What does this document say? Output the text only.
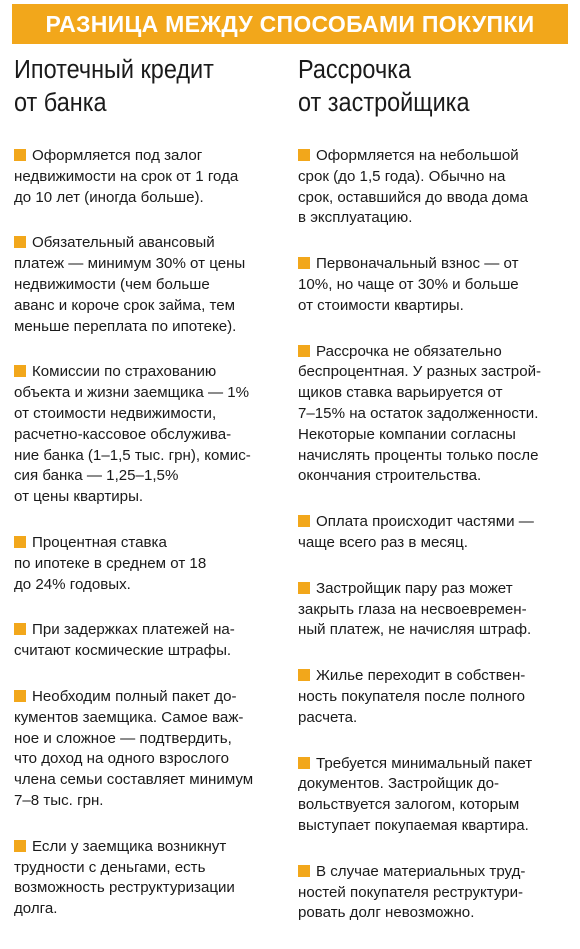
РАЗНИЦА МЕЖДУ СПОСОБАМИ ПОКУПКИ
Ипотечный кредит
от банка
Оформляется под залог
недвижимости на срок от 1 года
до 10 лет (иногда больше).
Обязательный авансовый
платеж — минимум 30% от цены
недвижимости (чем больше
аванс и короче срок займа, тем
меньше переплата по ипотеке).
Комиссии по страхованию
объекта и жизни заемщика — 1%
от стоимости недвижимости,
расчетно-кассовое обслужива-
ние банка (1–1,5 тыс. грн), комис-
сия банка — 1,25–1,5%
от цены квартиры.
Процентная ставка
по ипотеке в среднем от 18
до 24% годовых.
При задержках платежей на-
считают космические штрафы.
Необходим полный пакет до-
кументов заемщика. Самое важ-
ное и сложное — подтвердить,
что доход на одного взрослого
члена семьи составляет минимум
7–8 тыс. грн.
Если у заемщика возникнут
трудности с деньгами, есть
возможность реструктуризации
долга.
Рассрочка
от застройщика
Оформляется на небольшой
срок (до 1,5 года). Обычно на
срок, оставшийся до ввода дома
в эксплуатацию.
Первоначальный взнос — от
10%, но чаще от 30% и больше
от стоимости квартиры.
Рассрочка не обязательно
беспроцентная. У разных застрой-
щиков ставка варьируется от
7–15% на остаток задолженности.
Некоторые компании согласны
начислять проценты только после
окончания строительства.
Оплата происходит частями —
чаще всего раз в месяц.
Застройщик пару раз может
закрыть глаза на несвоевремен-
ный платеж, не начисляя штраф.
Жилье переходит в собствен-
ность покупателя после полного
расчета.
Требуется минимальный пакет
документов. Застройщик до-
вольствуется залогом, которым
выступает покупаемая квартира.
В случае материальных труд-
ностей покупателя реструктури-
ровать долг невозможно.
